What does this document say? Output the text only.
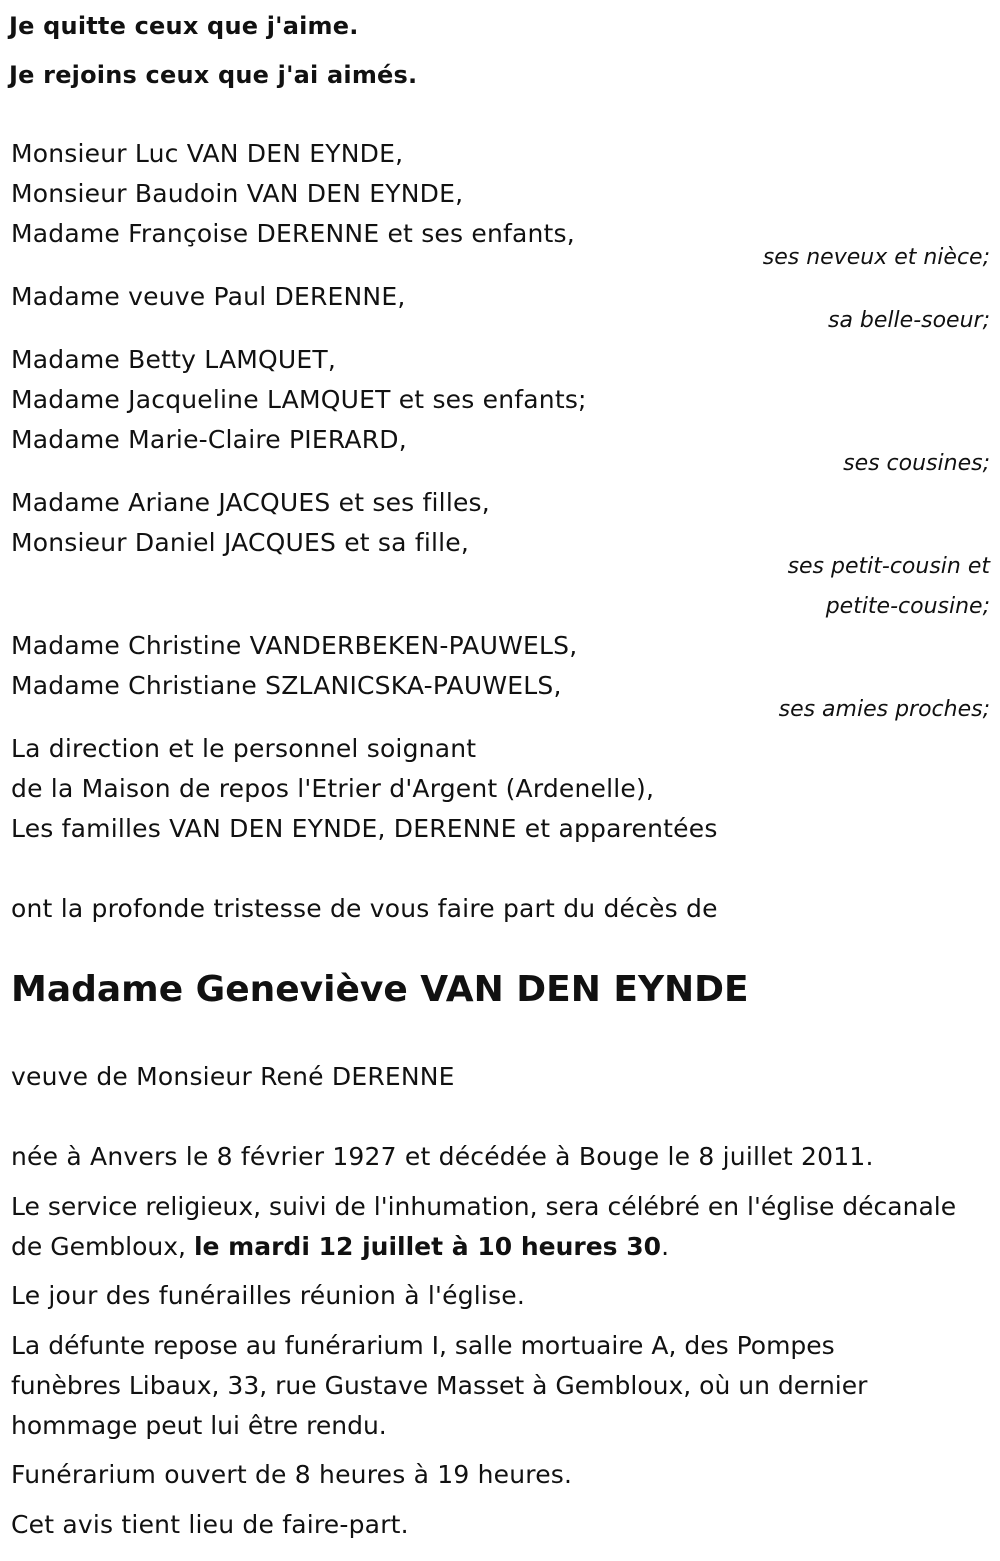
Je quitte ceux que j'aime.
Je rejoins ceux que j'ai aimés.
Monsieur Luc VAN DEN EYNDE,
Monsieur Baudoin VAN DEN EYNDE,
Madame Françoise DERENNE et ses enfants,
ses neveux et nièce;
Madame veuve Paul DERENNE,
sa belle-soeur;
Madame Betty LAMQUET,
Madame Jacqueline LAMQUET et ses enfants;
Madame Marie-Claire PIERARD,
ses cousines;
Madame Ariane JACQUES et ses filles,
Monsieur Daniel JACQUES et sa fille,
ses petit-cousin et
petite-cousine;
Madame Christine VANDERBEKEN-PAUWELS,
Madame Christiane SZLANICSKA-PAUWELS,
ses amies proches;
La direction et le personnel soignant
de la Maison de repos l'Etrier d'Argent (Ardenelle),
Les familles VAN DEN EYNDE, DERENNE et apparentées
ont la profonde tristesse de vous faire part du décès de
Madame Geneviève VAN DEN EYNDE
veuve de Monsieur René DERENNE
née à Anvers le 8 février 1927 et décédée à Bouge le 8 juillet 2011.
Le service religieux, suivi de l'inhumation, sera célébré en l'église décanale de Gembloux, le mardi 12 juillet à 10 heures 30.
Le jour des funérailles réunion à l'église.
La défunte repose au funérarium I, salle mortuaire A, des Pompes funèbres Libaux, 33, rue Gustave Masset à Gembloux, où un dernier hommage peut lui être rendu.
Funérarium ouvert de 8 heures à 19 heures.
Cet avis tient lieu de faire-part.
